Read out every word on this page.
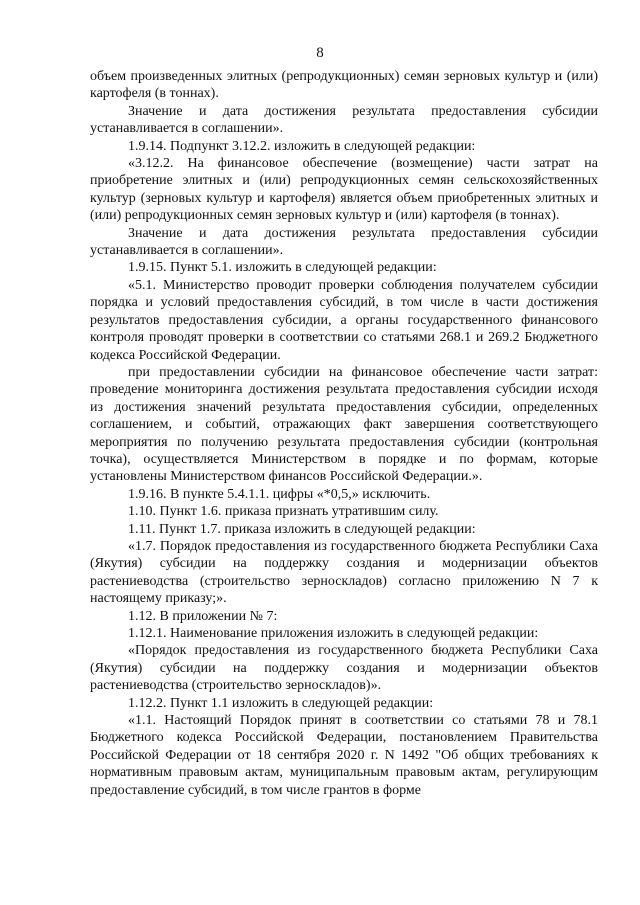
8

объем произведенных элитных (репродукционных) семян зерновых культур и (или) картофеля (в тоннах).

Значение и дата достижения результата предоставления субсидии устанавливается в соглашении».

1.9.14. Подпункт 3.12.2. изложить в следующей редакции:

«3.12.2. На финансовое обеспечение (возмещение) части затрат на приобретение элитных и (или) репродукционных семян сельскохозяйственных культур (зерновых культур и картофеля) является объем приобретенных элитных и (или) репродукционных семян зерновых культур и (или) картофеля (в тоннах).

Значение и дата достижения результата предоставления субсидии устанавливается в соглашении».

1.9.15. Пункт 5.1. изложить в следующей редакции:

«5.1. Министерство проводит проверки соблюдения получателем субсидии порядка и условий предоставления субсидий, в том числе в части достижения результатов предоставления субсидии, а органы государственного финансового контроля проводят проверки в соответствии со статьями 268.1 и 269.2 Бюджетного кодекса Российской Федерации.

при предоставлении субсидии на финансовое обеспечение части затрат: проведение мониторинга достижения результата предоставления субсидии исходя из достижения значений результата предоставления субсидии, определенных соглашением, и событий, отражающих факт завершения соответствующего мероприятия по получению результата предоставления субсидии (контрольная точка), осуществляется Министерством в порядке и по формам, которые установлены Министерством финансов Российской Федерации.».

1.9.16. В пункте 5.4.1.1. цифры «*0,5,» исключить.

1.10. Пункт 1.6. приказа признать утратившим силу.

1.11. Пункт 1.7. приказа изложить в следующей редакции:

«1.7. Порядок предоставления из государственного бюджета Республики Саха (Якутия) субсидии на поддержку создания и модернизации объектов растениеводства (строительство зерноскладов) согласно приложению N 7 к настоящему приказу;».

1.12. В приложении № 7:

1.12.1. Наименование приложения изложить в следующей редакции:

«Порядок предоставления из государственного бюджета Республики Саха (Якутия) субсидии на поддержку создания и модернизации объектов растениеводства (строительство зерноскладов)».

1.12.2. Пункт 1.1 изложить в следующей редакции:

«1.1. Настоящий Порядок принят в соответствии со статьями 78 и 78.1 Бюджетного кодекса Российской Федерации, постановлением Правительства Российской Федерации от 18 сентября 2020 г. N 1492 "Об общих требованиях к нормативным правовым актам, муниципальным правовым актам, регулирующим предоставление субсидий, в том числе грантов в форме
